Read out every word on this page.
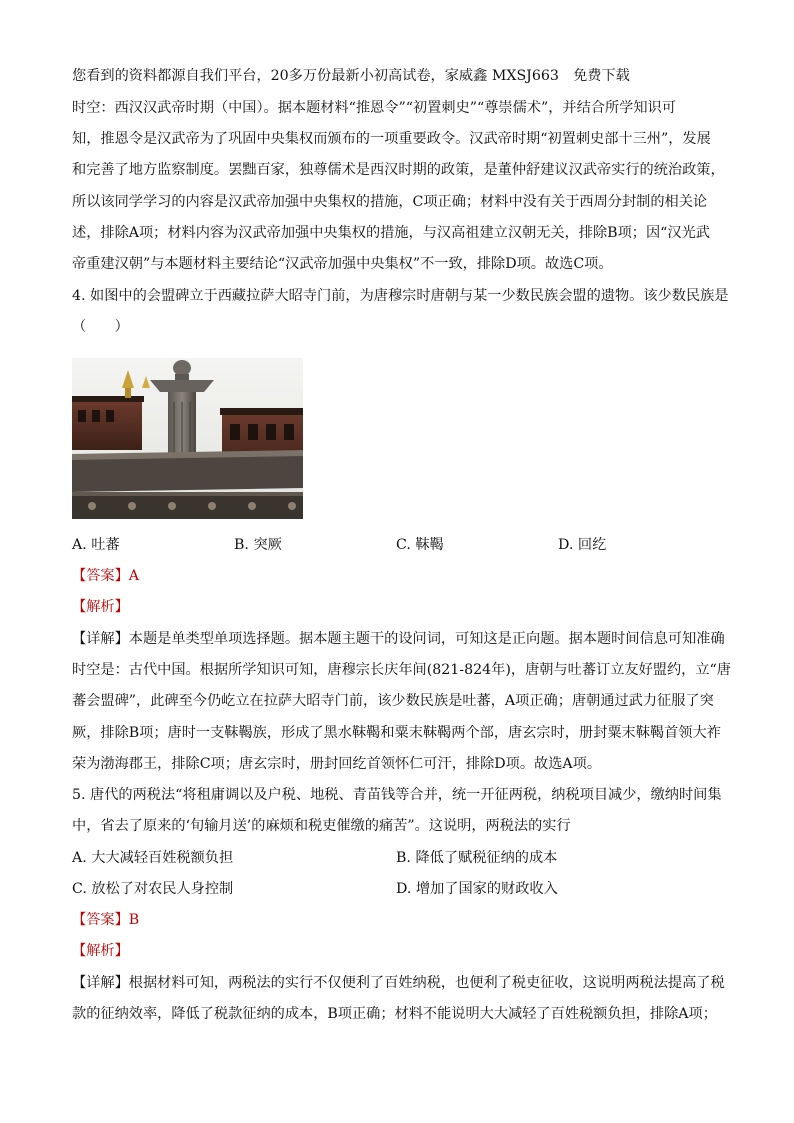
您看到的资料都源自我们平台，20多万份最新小初高试卷，家威鑫 MXSJ663　免费下载
时空：西汉汉武帝时期（中国）。据本题材料“推恩令”“初置刺史”“尊崇儒术”，并结合所学知识可
知，推恩令是汉武帝为了巩固中央集权而颁布的一项重要政令。汉武帝时期“初置刺史部十三州”，发展
和完善了地方监察制度。罢黜百家，独尊儒术是西汉时期的政策，是董仲舒建议汉武帝实行的统治政策，
所以该同学学习的内容是汉武帝加强中央集权的措施，C项正确；材料中没有关于西周分封制的相关论
述，排除A项；材料内容为汉武帝加强中央集权的措施，与汉高祖建立汉朝无关，排除B项；因“汉光武
帝重建汉朝”与本题材料主要结论“汉武帝加强中央集权”不一致，排除D项。故选C项。
4. 如图中的会盟碑立于西藏拉萨大昭寺门前，为唐穆宗时唐朝与某一少数民族会盟的遗物。该少数民族是
（　　）
A. 吐蕃	B. 突厥	C. 靺鞨	D. 回纥
【答案】A
【解析】
【详解】本题是单类型单项选择题。据本题主题干的设问词，可知这是正向题。据本题时间信息可知准确
时空是：古代中国。根据所学知识可知，唐穆宗长庆年间(821-824年)，唐朝与吐蕃订立友好盟约，立“唐
蕃会盟碑”，此碑至今仍屹立在拉萨大昭寺门前，该少数民族是吐蕃，A项正确；唐朝通过武力征服了突
厥，排除B项；唐时一支靺鞨族，形成了黑水靺鞨和粟末靺鞨两个部，唐玄宗时，册封粟末靺鞨首领大祚
荣为渤海郡王，排除C项；唐玄宗时，册封回纥首领怀仁可汗，排除D项。故选A项。
5. 唐代的两税法“将租庸调以及户税、地税、青苗钱等合并，统一开征两税，纳税项目减少，缴纳时间集
中，省去了原来的‘旬输月送’的麻烦和税吏催缴的痛苦”。这说明，两税法的实行
A. 大大减轻百姓税额负担	B. 降低了赋税征纳的成本
C. 放松了对农民人身控制	D. 增加了国家的财政收入
【答案】B
【解析】
【详解】根据材料可知，两税法的实行不仅便利了百姓纳税，也便利了税吏征收，这说明两税法提高了税
款的征纳效率，降低了税款征纳的成本，B项正确；材料不能说明大大减轻了百姓税额负担，排除A项；
